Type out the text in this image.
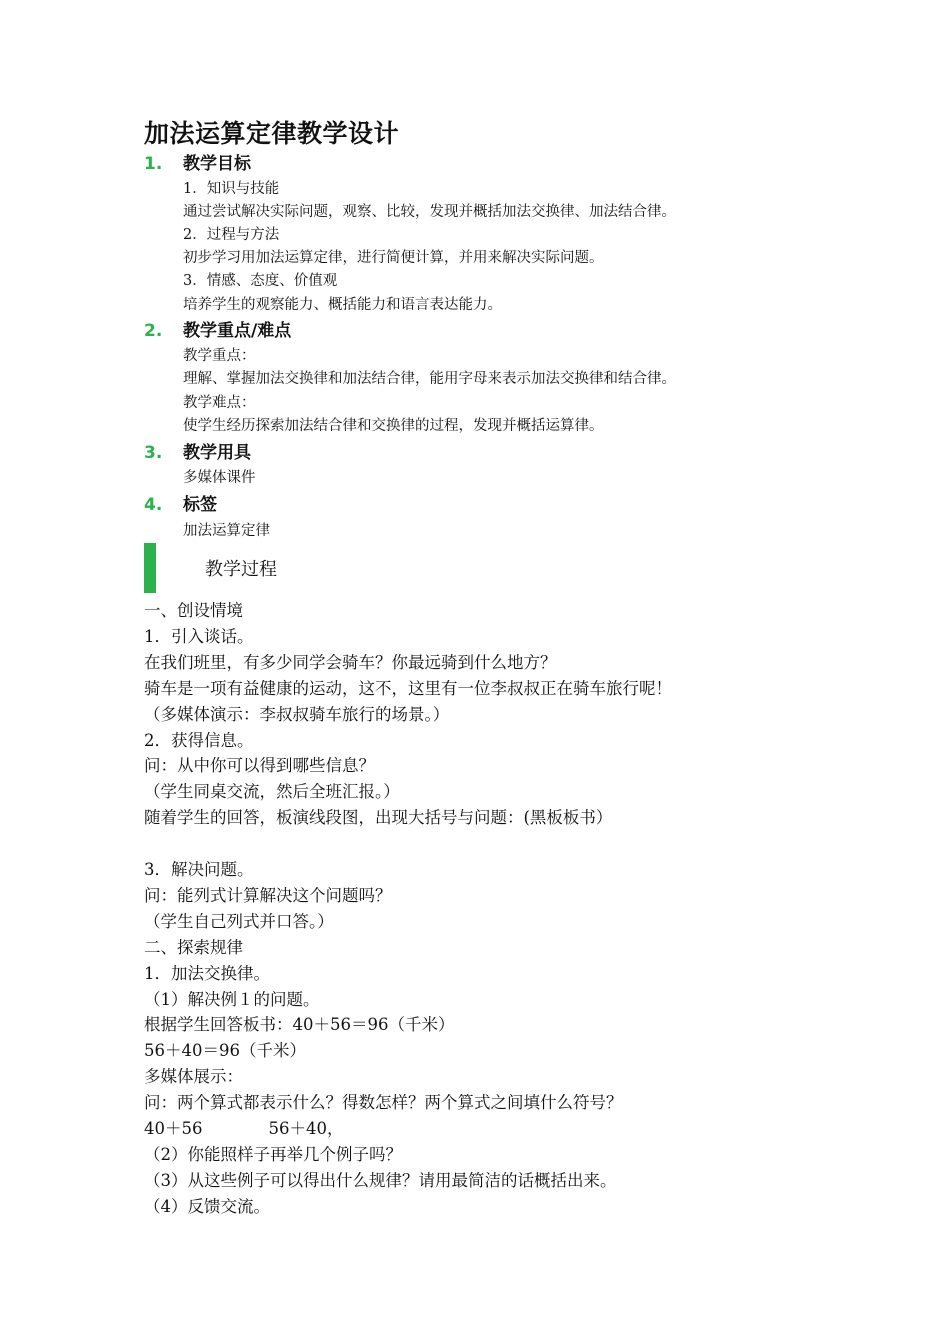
加法运算定律教学设计
1. 教学目标
1．知识与技能
通过尝试解决实际问题，观察、比较，发现并概括加法交换律、加法结合律。
2．过程与方法
初步学习用加法运算定律，进行简便计算，并用来解决实际问题。
3．情感、态度、价值观
培养学生的观察能力、概括能力和语言表达能力。
2. 教学重点/难点
教学重点：
理解、掌握加法交换律和加法结合律，能用字母来表示加法交换律和结合律。
教学难点：
使学生经历探索加法结合律和交换律的过程，发现并概括运算律。
3. 教学用具
多媒体课件
4. 标签
加法运算定律
教学过程
一、创设情境
1．引入谈话。
在我们班里，有多少同学会骑车？你最远骑到什么地方？
骑车是一项有益健康的运动，这不，这里有一位李叔叔正在骑车旅行呢！
（多媒体演示：李叔叔骑车旅行的场景。）
2．获得信息。
问：从中你可以得到哪些信息？
（学生同桌交流，然后全班汇报。）
随着学生的回答，板演线段图，出现大括号与问题：(黑板板书）
3．解决问题。
问：能列式计算解决这个问题吗？
（学生自己列式并口答。）
二、探索规律
1．加法交换律。
（1）解决例１的问题。
根据学生回答板书：40＋56＝96（千米）
56＋40＝96（千米）
多媒体展示：
问：两个算式都表示什么？得数怎样？两个算式之间填什么符号？
40＋56　　　　56＋40，
（2）你能照样子再举几个例子吗？
（3）从这些例子可以得出什么规律？请用最简洁的话概括出来。
（4）反馈交流。
